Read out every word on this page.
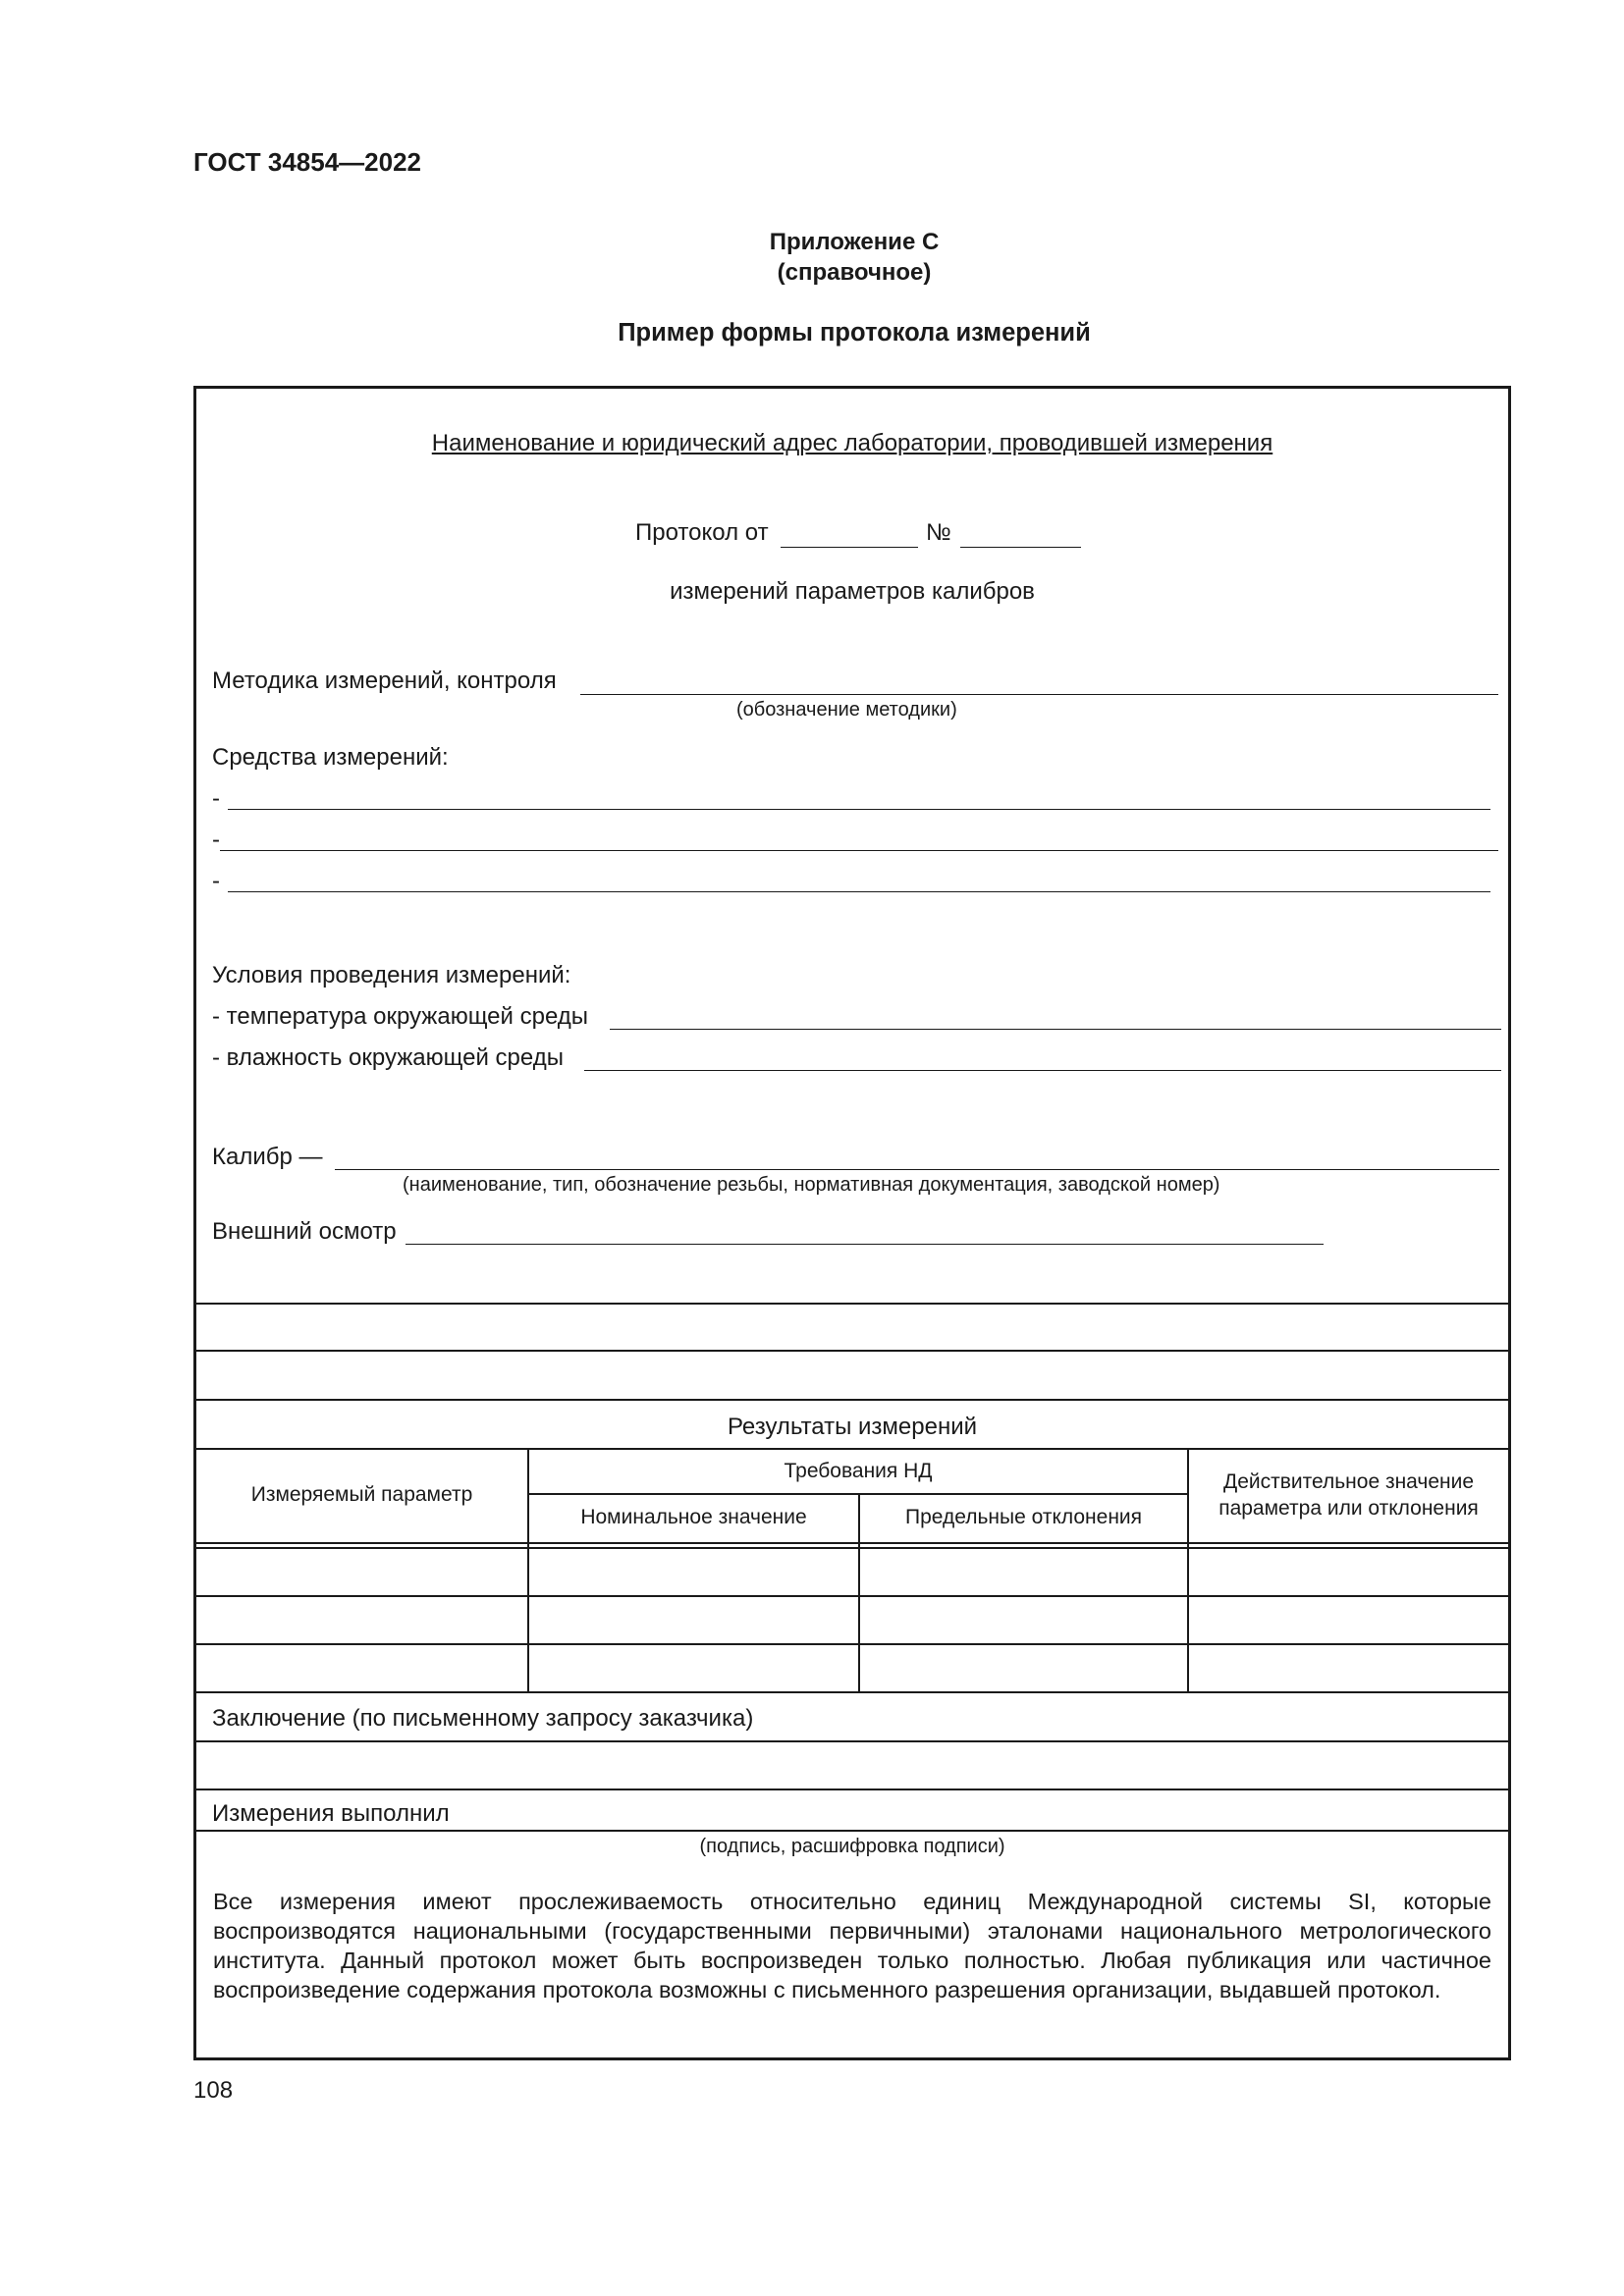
ГОСТ 34854—2022
Приложение С
(справочное)
Пример формы протокола измерений
Наименование и юридический адрес лаборатории, проводившей измерения
Протокол от	№
измерений параметров калибров
Методика измерений, контроля
(обозначение методики)
Средства измерений:
-
-
-
Условия проведения измерений:
- температура окружающей среды
- влажность окружающей среды
Калибр —
(наименование, тип, обозначение резьбы, нормативная документация, заводской номер)
Внешний осмотр
Результаты измерений
Измеряемый параметр
Требования НД
Номинальное значение	Предельные отклонения
Действительное значение параметра или отклонения
Заключение (по письменному запросу заказчика)
Измерения выполнил
(подпись, расшифровка подписи)
Все измерения имеют прослеживаемость относительно единиц Международной системы SI, которые воспроизводятся национальными (государственными первичными) эталонами национального метрологического института. Данный протокол может быть воспроизведен только полностью. Любая публикация или частичное воспроизведение содержания протокола возможны с письменного разрешения организации, выдавшей протокол.
108
